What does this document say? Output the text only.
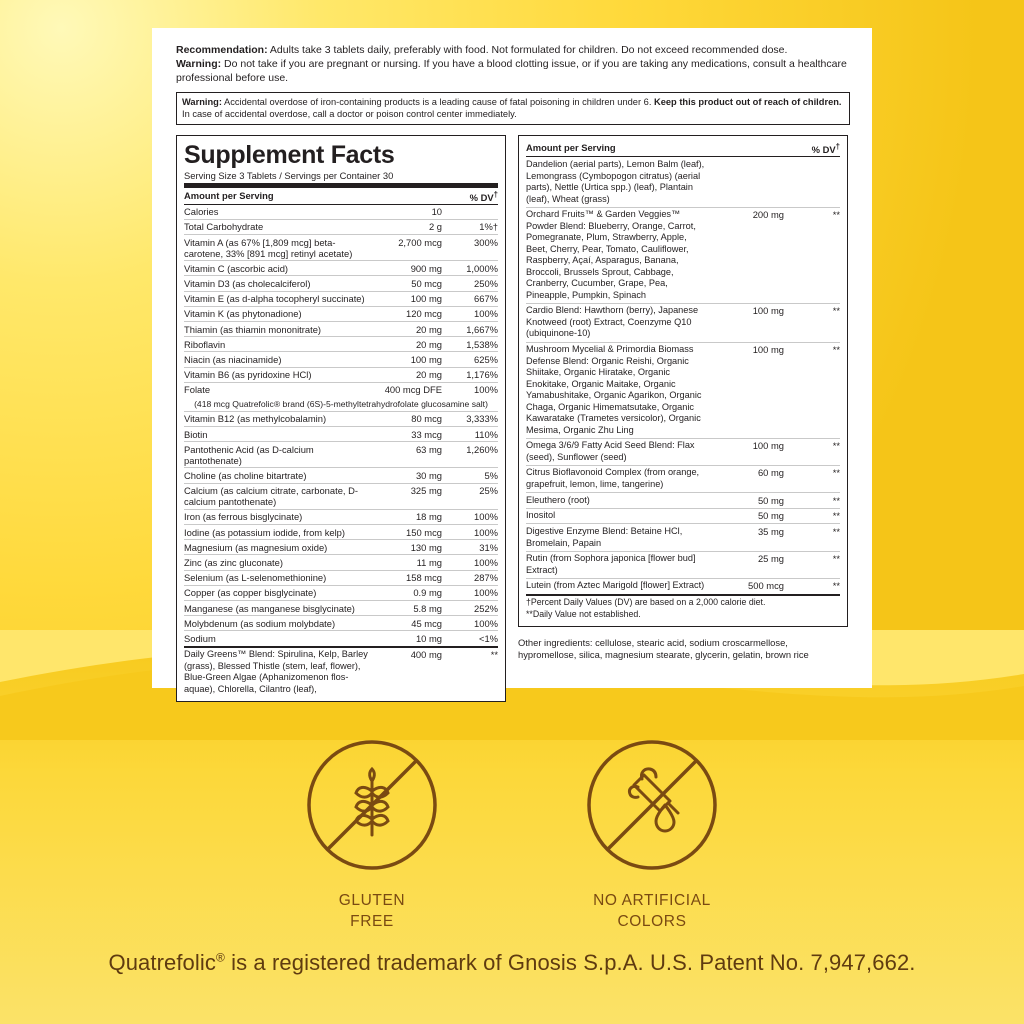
Recommendation: Adults take 3 tablets daily, preferably with food. Not formulated for children. Do not exceed recommended dose.
Warning: Do not take if you are pregnant or nursing. If you have a blood clotting issue, or if you are taking any medications, consult a healthcare professional before use.
Warning: Accidental overdose of iron-containing products is a leading cause of fatal poisoning in children under 6. Keep this product out of reach of children. In case of accidental overdose, call a doctor or poison control center immediately.
Supplement Facts
Serving Size 3 Tablets / Servings per Container 30
Amount per Serving		% DV†
Calories	10	
Total Carbohydrate	2 g	1%†
Vitamin A (as 67% [1,809 mcg] beta-carotene, 33% [891 mcg] retinyl acetate)	2,700 mcg	300%
Vitamin C (ascorbic acid)	900 mg	1,000%
Vitamin D3 (as cholecalciferol)	50 mcg	250%
Vitamin E (as d-alpha tocopheryl succinate)	100 mg	667%
Vitamin K (as phytonadione)	120 mcg	100%
Thiamin (as thiamin mononitrate)	20 mg	1,667%
Riboflavin	20 mg	1,538%
Niacin (as niacinamide)	100 mg	625%
Vitamin B6 (as pyridoxine HCl)	20 mg	1,176%
Folate	400 mcg DFE	100%
(418 mcg Quatrefolic® brand (6S)-5-methyltetrahydrofolate glucosamine salt)		
Vitamin B12 (as methylcobalamin)	80 mcg	3,333%
Biotin	33 mcg	110%
Pantothenic Acid (as D-calcium pantothenate)	63 mg	1,260%
Choline (as choline bitartrate)	30 mg	5%
Calcium (as calcium citrate, carbonate, D-calcium pantothenate)	325 mg	25%
Iron (as ferrous bisglycinate)	18 mg	100%
Iodine (as potassium iodide, from kelp)	150 mcg	100%
Magnesium (as magnesium oxide)	130 mg	31%
Zinc (as zinc gluconate)	11 mg	100%
Selenium (as L-selenomethionine)	158 mcg	287%
Copper (as copper bisglycinate)	0.9 mg	100%
Manganese (as manganese bisglycinate)	5.8 mg	252%
Molybdenum (as sodium molybdate)	45 mcg	100%
Sodium	10 mg	<1%
Daily Greens™ Blend: Spirulina, Kelp, Barley (grass), Blessed Thistle (stem, leaf, flower), Blue-Green Algae (Aphanizomenon flos-aquae), Chlorella, Cilantro (leaf),	400 mg	**
Amount per Serving		% DV†
Dandelion (aerial parts), Lemon Balm (leaf), Lemongrass (Cymbopogon citratus) (aerial parts), Nettle (Urtica spp.) (leaf), Plantain (leaf), Wheat (grass)		
Orchard Fruits™ & Garden Veggies™ Powder Blend: Blueberry, Orange, Carrot, Pomegranate, Plum, Strawberry, Apple, Beet, Cherry, Pear, Tomato, Cauliflower, Raspberry, Açaí, Asparagus, Banana, Broccoli, Brussels Sprout, Cabbage, Cranberry, Cucumber, Grape, Pea, Pineapple, Pumpkin, Spinach	200 mg	**
Cardio Blend: Hawthorn (berry), Japanese Knotweed (root) Extract, Coenzyme Q10 (ubiquinone-10)	100 mg	**
Mushroom Mycelial & Primordia Biomass Defense Blend: Organic Reishi, Organic Shiitake, Organic Hiratake, Organic Enokitake, Organic Maitake, Organic Yamabushitake, Organic Agarikon, Organic Chaga, Organic Himematsutake, Organic Kawaratake (Trametes versicolor), Organic Mesima, Organic Zhu Ling	100 mg	**
Omega 3/6/9 Fatty Acid Seed Blend: Flax (seed), Sunflower (seed)	100 mg	**
Citrus Bioflavonoid Complex (from orange, grapefruit, lemon, lime, tangerine)	60 mg	**
Eleuthero (root)	50 mg	**
Inositol	50 mg	**
Digestive Enzyme Blend: Betaine HCl, Bromelain, Papain	35 mg	**
Rutin (from Sophora japonica [flower bud] Extract)	25 mg	**
Lutein (from Aztec Marigold [flower] Extract)	500 mcg	**
†Percent Daily Values (DV) are based on a 2,000 calorie diet.
**Daily Value not established.		
Other ingredients: cellulose, stearic acid, sodium croscarmellose, hypromellose, silica, magnesium stearate, glycerin, gelatin, brown rice
GLUTEN
FREE
NO ARTIFICIAL
COLORS
Quatrefolic® is a registered trademark of Gnosis S.p.A. U.S. Patent No. 7,947,662.
